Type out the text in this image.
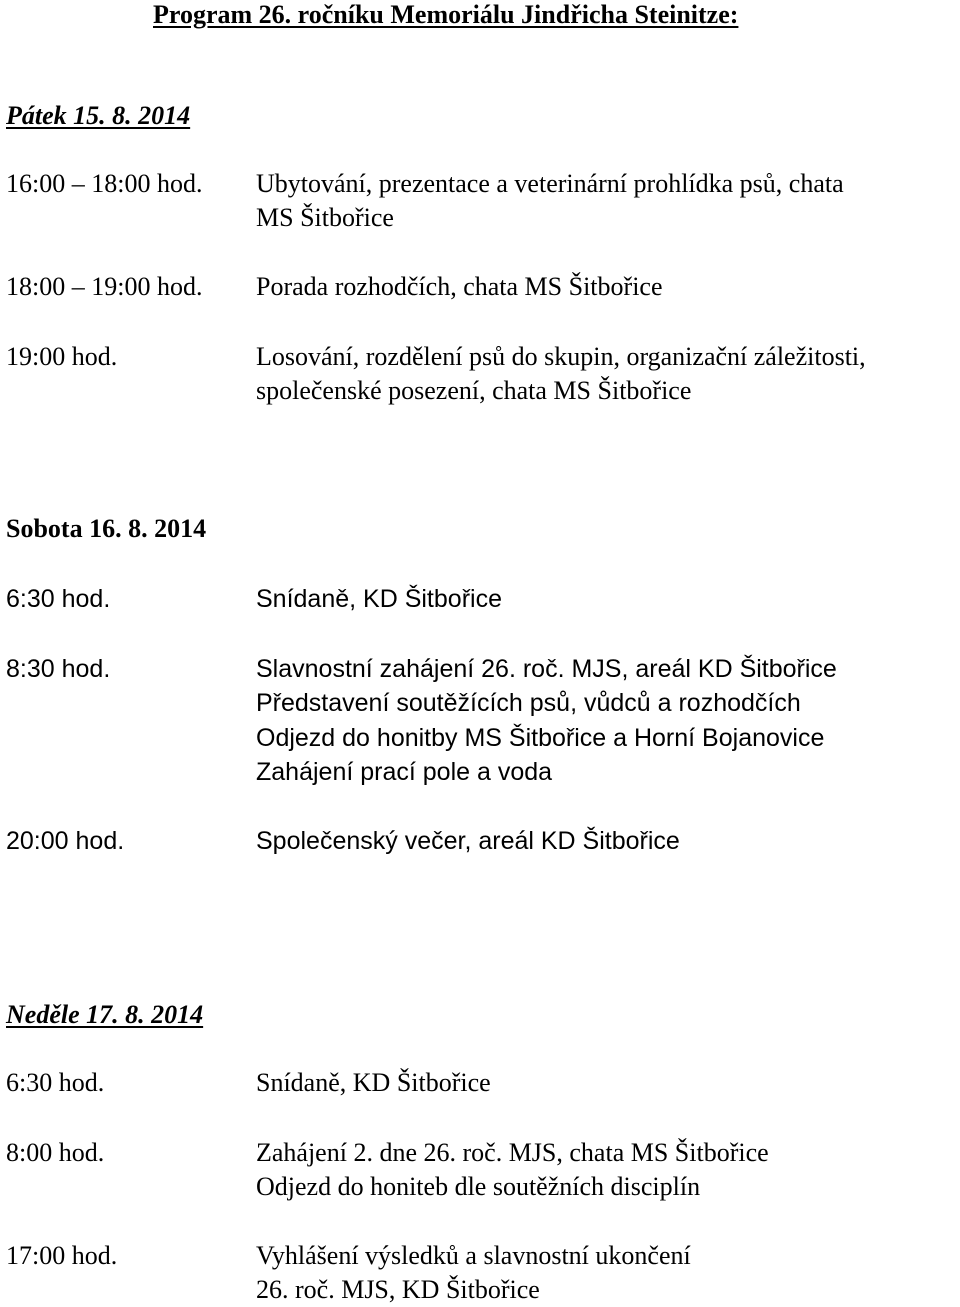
Program 26. ročníku Memoriálu Jindřicha Steinitze:
Pátek 15. 8. 2014
16:00 – 18:00 hod. Ubytování, prezentace a veterinární prohlídka psů, chata
MS Šitbořice
18:00 – 19:00 hod. Porada rozhodčích, chata MS Šitbořice
19:00 hod.	Losování, rozdělení psů do skupin, organizační záležitosti,
společenské posezení, chata MS Šitbořice
Sobota 16. 8. 2014
6:30 hod.	Snídaně, KD Šitbořice
8:30 hod.	Slavnostní zahájení 26. roč. MJS, areál KD Šitbořice
Představení soutěžících psů, vůdců a rozhodčích
Odjezd do honitby MS Šitbořice a Horní Bojanovice
Zahájení prací pole a voda
20:00 hod.	Společenský večer, areál KD Šitbořice
Neděle 17. 8. 2014
6:30 hod.	Snídaně, KD Šitbořice
8:00 hod.	Zahájení 2. dne 26. roč. MJS, chata MS Šitbořice
Odjezd do honiteb dle soutěžních disciplín
17:00 hod.	Vyhlášení výsledků a slavnostní ukončení
26. roč. MJS, KD Šitbořice
